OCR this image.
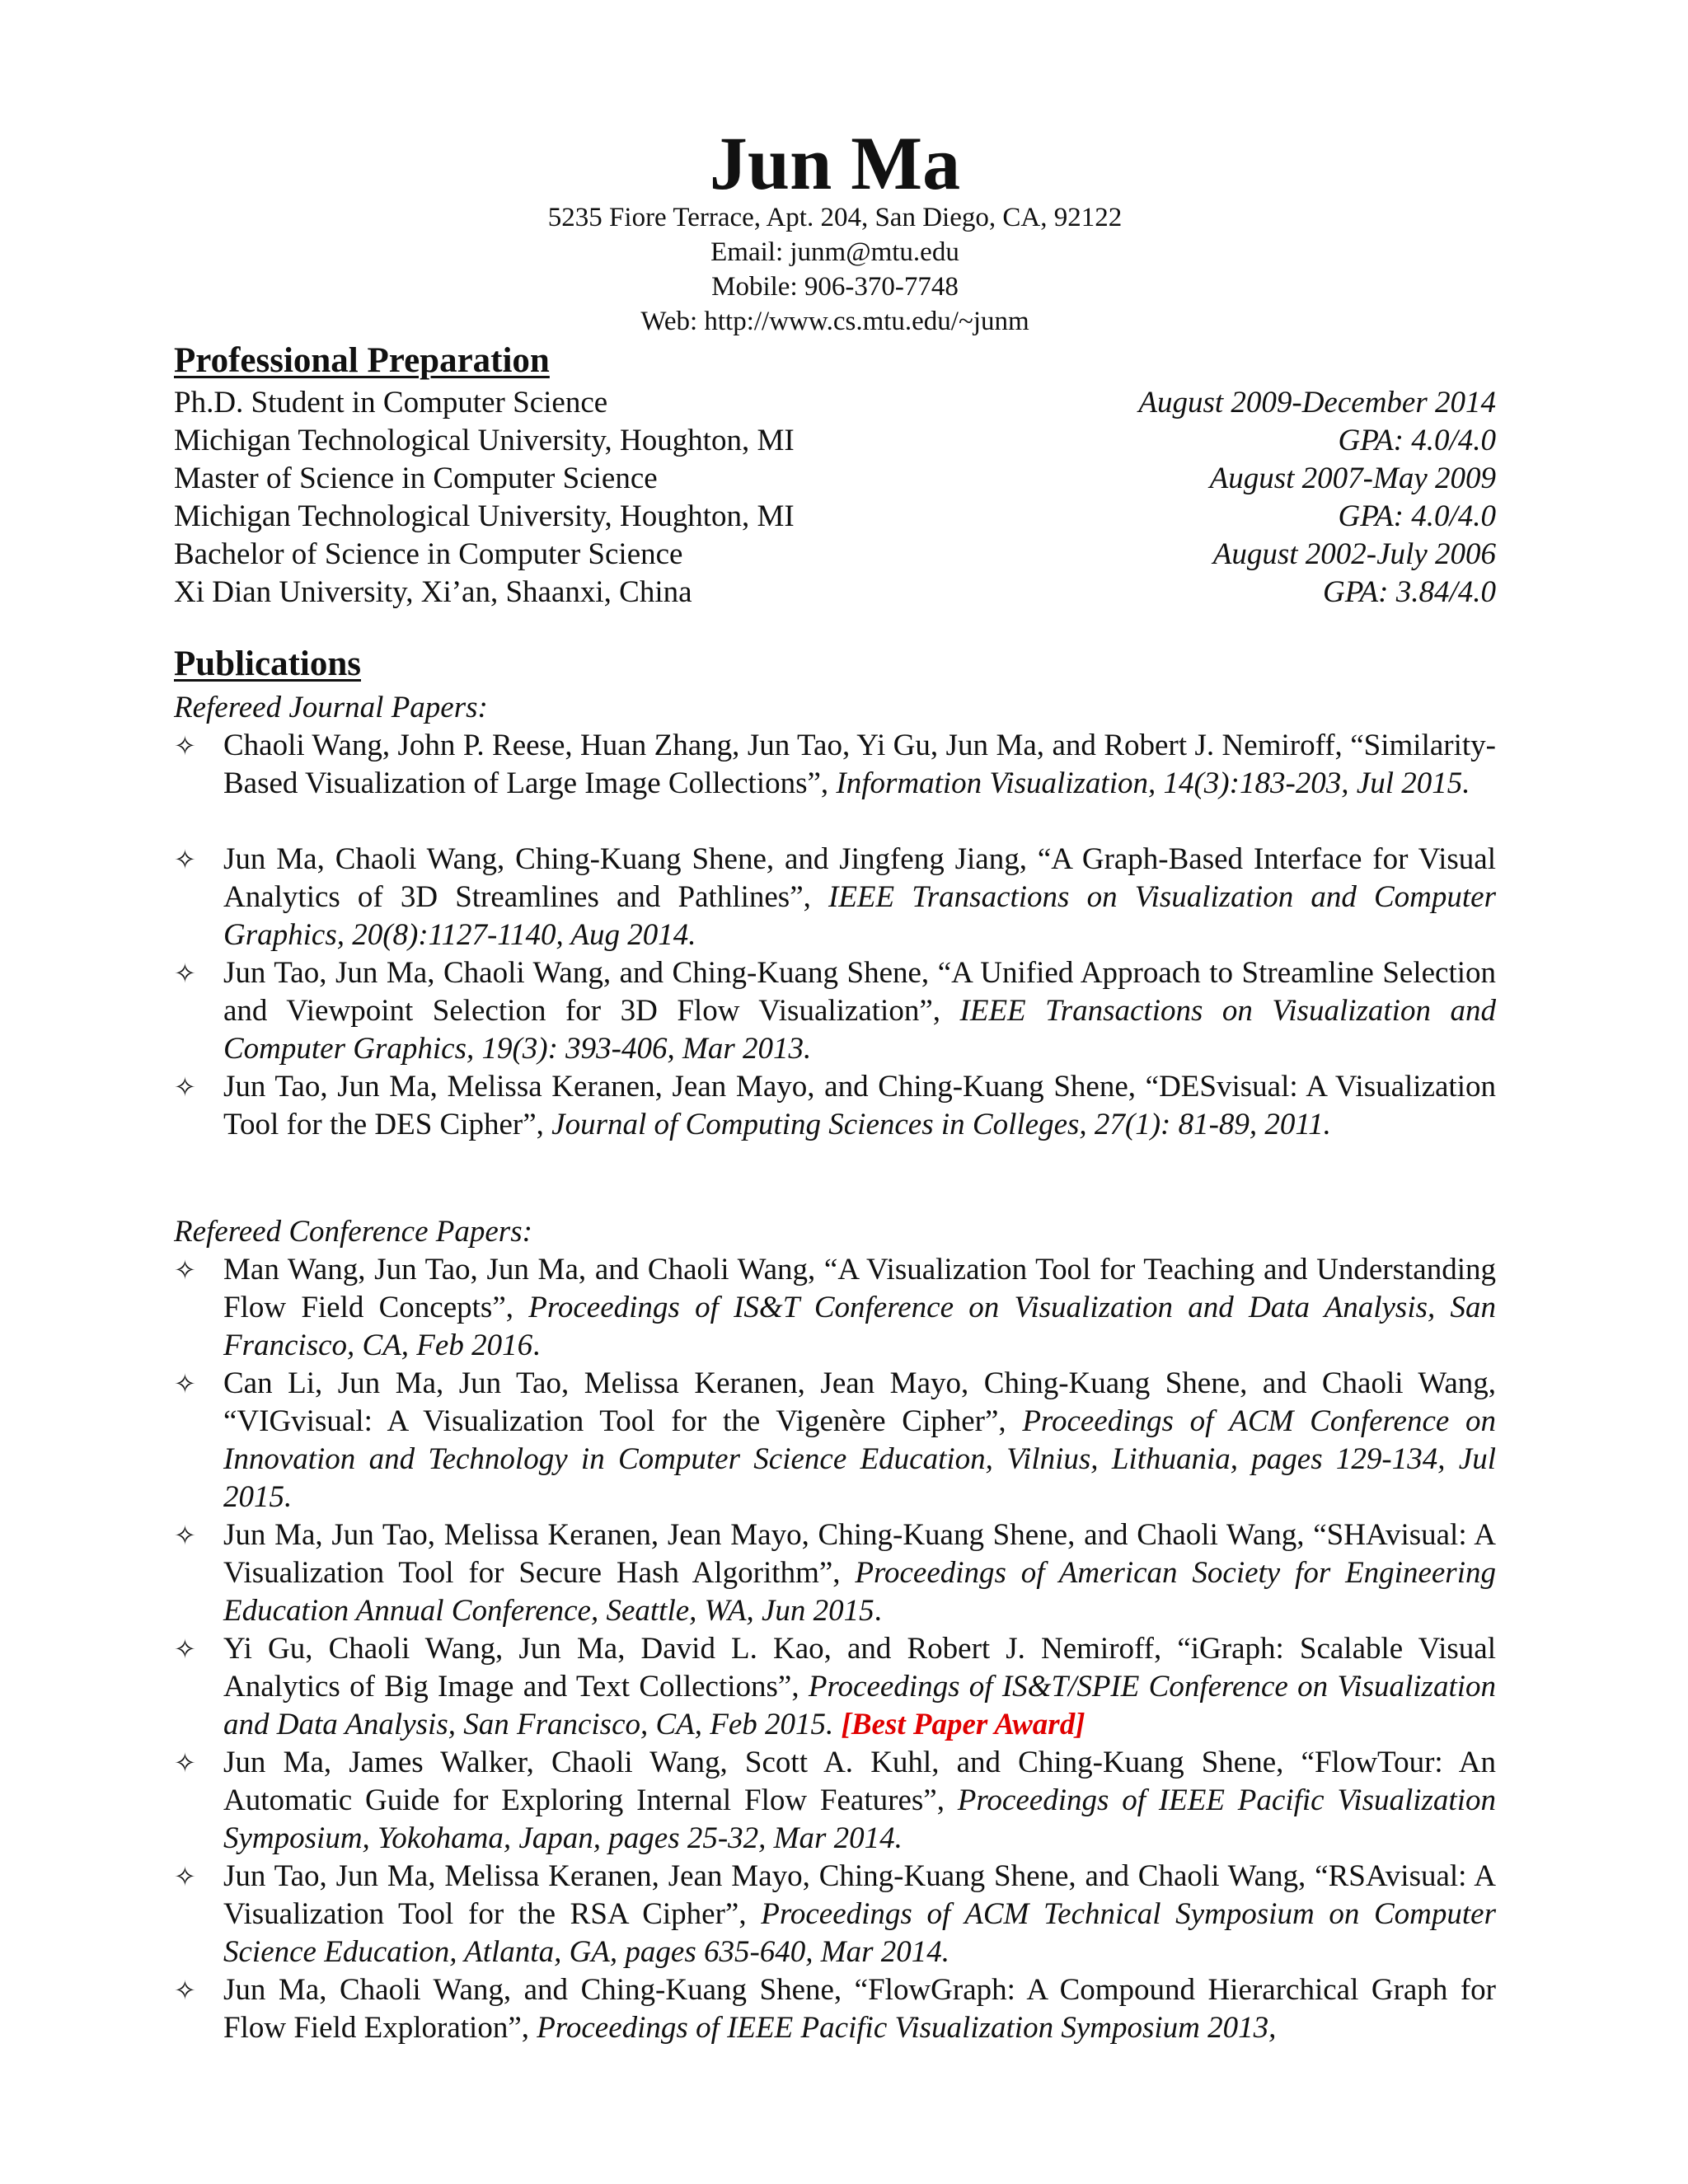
Jun Ma
5235 Fiore Terrace, Apt. 204, San Diego, CA, 92122
Email: junm@mtu.edu
Mobile: 906-370-7748
Web: http://www.cs.mtu.edu/~junm
Professional Preparation
Ph.D. Student in Computer Science	August 2009-December 2014
Michigan Technological University, Houghton, MI	GPA: 4.0/4.0
Master of Science in Computer Science	August 2007-May 2009
Michigan Technological University, Houghton, MI	GPA: 4.0/4.0
Bachelor of Science in Computer Science	August 2002-July 2006
Xi Dian University, Xi’an, Shaanxi, China	GPA: 3.84/4.0
Publications
Refereed Journal Papers:
✧ Chaoli Wang, John P. Reese, Huan Zhang, Jun Tao, Yi Gu, Jun Ma, and Robert J. Nemiroff, “Similarity-Based Visualization of Large Image Collections”, Information Visualization, 14(3):183-203, Jul 2015.
✧ Jun Ma, Chaoli Wang, Ching-Kuang Shene, and Jingfeng Jiang, “A Graph-Based Interface for Visual Analytics of 3D Streamlines and Pathlines”, IEEE Transactions on Visualization and Computer Graphics, 20(8):1127-1140, Aug 2014.
✧ Jun Tao, Jun Ma, Chaoli Wang, and Ching-Kuang Shene, “A Unified Approach to Streamline Selection and Viewpoint Selection for 3D Flow Visualization”, IEEE Transactions on Visualization and Computer Graphics, 19(3): 393-406, Mar 2013.
✧ Jun Tao, Jun Ma, Melissa Keranen, Jean Mayo, and Ching-Kuang Shene, “DESvisual: A Visualization Tool for the DES Cipher”, Journal of Computing Sciences in Colleges, 27(1): 81-89, 2011.
Refereed Conference Papers:
✧ Man Wang, Jun Tao, Jun Ma, and Chaoli Wang, “A Visualization Tool for Teaching and Understanding Flow Field Concepts”, Proceedings of IS&T Conference on Visualization and Data Analysis, San Francisco, CA, Feb 2016.
✧ Can Li, Jun Ma, Jun Tao, Melissa Keranen, Jean Mayo, Ching-Kuang Shene, and Chaoli Wang, “VIGvisual: A Visualization Tool for the Vigenère Cipher”, Proceedings of ACM Conference on Innovation and Technology in Computer Science Education, Vilnius, Lithuania, pages 129-134, Jul 2015.
✧ Jun Ma, Jun Tao, Melissa Keranen, Jean Mayo, Ching-Kuang Shene, and Chaoli Wang, “SHAvisual: A Visualization Tool for Secure Hash Algorithm”, Proceedings of American Society for Engineering Education Annual Conference, Seattle, WA, Jun 2015.
✧ Yi Gu, Chaoli Wang, Jun Ma, David L. Kao, and Robert J. Nemiroff, “iGraph: Scalable Visual Analytics of Big Image and Text Collections”, Proceedings of IS&T/SPIE Conference on Visualization and Data Analysis, San Francisco, CA, Feb 2015. [Best Paper Award]
✧ Jun Ma, James Walker, Chaoli Wang, Scott A. Kuhl, and Ching-Kuang Shene, “FlowTour: An Automatic Guide for Exploring Internal Flow Features”, Proceedings of IEEE Pacific Visualization Symposium, Yokohama, Japan, pages 25-32, Mar 2014.
✧ Jun Tao, Jun Ma, Melissa Keranen, Jean Mayo, Ching-Kuang Shene, and Chaoli Wang, “RSAvisual: A Visualization Tool for the RSA Cipher”, Proceedings of ACM Technical Symposium on Computer Science Education, Atlanta, GA, pages 635-640, Mar 2014.
✧ Jun Ma, Chaoli Wang, and Ching-Kuang Shene, “FlowGraph: A Compound Hierarchical Graph for Flow Field Exploration”, Proceedings of IEEE Pacific Visualization Symposium 2013,
